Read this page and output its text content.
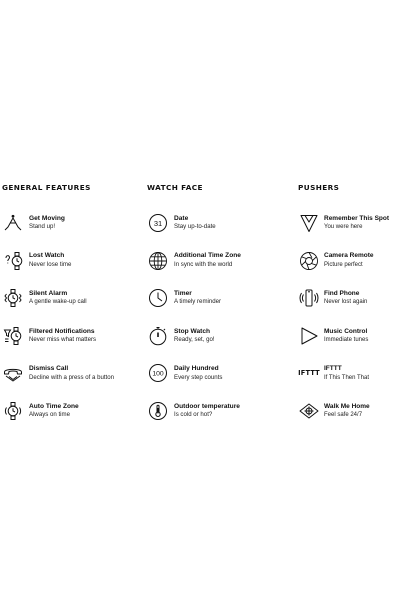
GENERAL FEATURES
Get Moving
Stand up!
Lost Watch
Never lose time
Silent Alarm
A gentle wake-up call
Filtered Notifications
Never miss what matters
Dismiss Call
Decline with a press of a button
Auto Time Zone
Always on time
WATCH FACE
31
Date
Stay up-to-date
Additional Time Zone
In sync with the world
Timer
A timely reminder
Stop Watch
Ready, set, go!
100
Daily Hundred
Every step counts
Outdoor temperature
Is cold or hot?
PUSHERS
Remember This Spot
You were here
Camera Remote
Picture perfect
Find Phone
Never lost again
Music Control
Immediate tunes
IFTTT
IFTTT
If This Then That
Walk Me Home
Feel safe 24/7
